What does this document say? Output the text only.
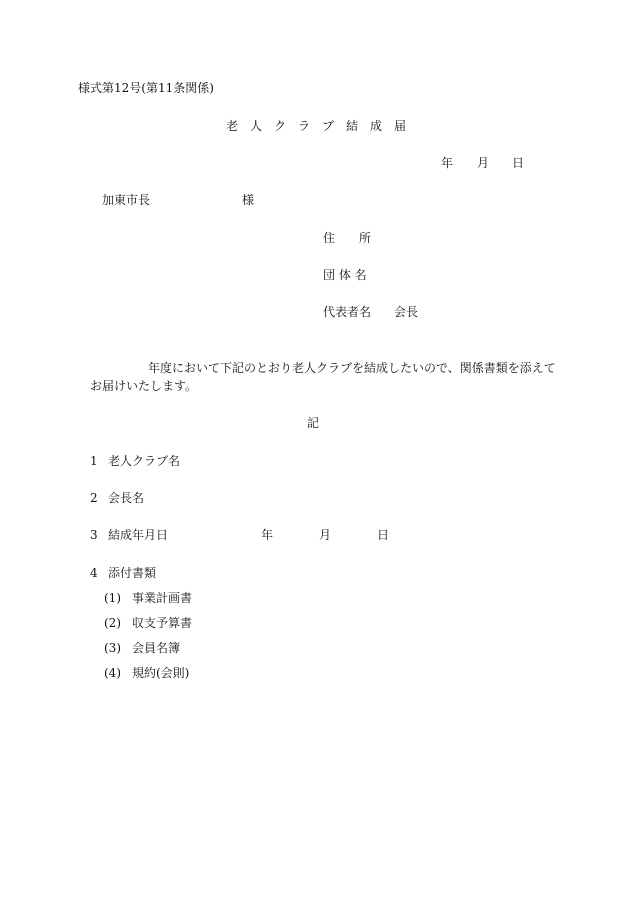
様式第12号(第11条関係)
老　人　ク　ラ　ブ　結　成　届
年 月 日
加東市長	様
住　　所
団 体 名
代表者名 会長
年度において下記のとおり老人クラブを結成したいので、関係書類を添えて
お届けいたします。
記
1 老人クラブ名
2 会長名
3 結成年月日	年	月	日
4 添付書類
(1) 事業計画書
(2) 収支予算書
(3) 会員名簿
(4) 規約(会則)
